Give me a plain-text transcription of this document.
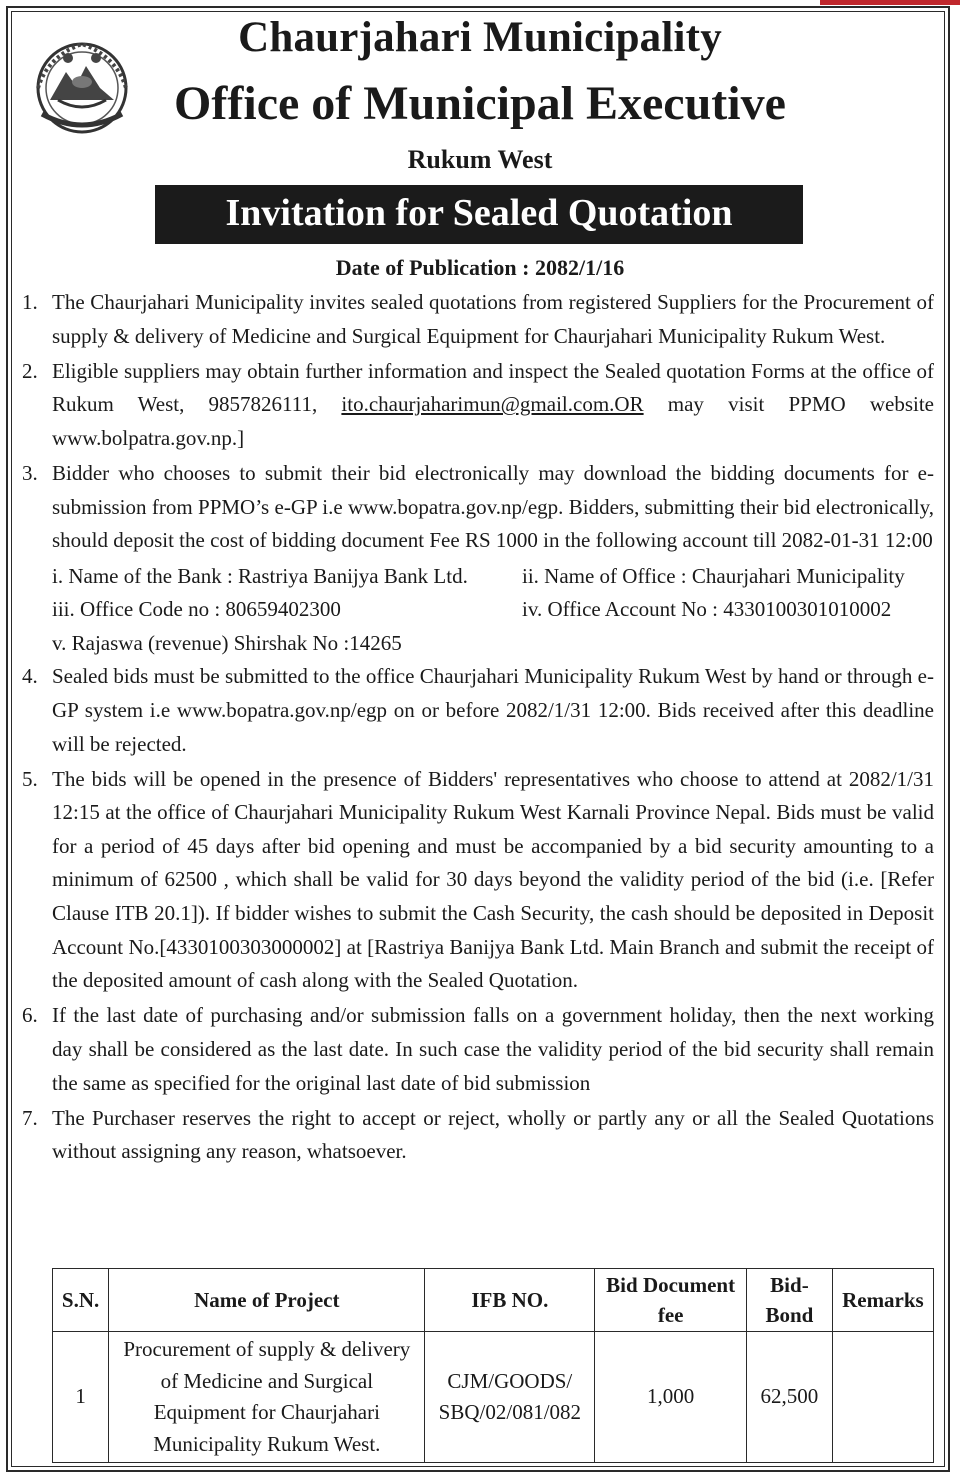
Chaurjahari Municipality
Office of Municipal Executive
Rukum West
Invitation for Sealed Quotation
Date of Publication : 2082/1/16
1. The Chaurjahari Municipality invites sealed quotations from registered Suppliers for the Procurement of supply & delivery of Medicine and Surgical Equipment for Chaurjahari Municipality Rukum West.
2. Eligible suppliers may obtain further information and inspect the Sealed quotation Forms at the office of Rukum West, 9857826111, ito.chaurjaharimun@gmail.com.OR may visit PPMO website www.bolpatra.gov.np.]
3. Bidder who chooses to submit their bid electronically may download the bidding documents for e-submission from PPMO’s e-GP i.e www.bopatra.gov.np/egp. Bidders, submitting their bid electronically, should deposit the cost of bidding document Fee RS 1000 in the following account till 2082-01-31 12:00
i. Name of the Bank : Rastriya Banijya Bank Ltd.	ii. Name of Office : Chaurjahari Municipality
iii. Office Code no : 80659402300	iv. Office Account No : 4330100301010002
v. Rajaswa (revenue) Shirshak No :14265
4. Sealed bids must be submitted to the office Chaurjahari Municipality Rukum West by hand or through e-GP system i.e www.bopatra.gov.np/egp on or before 2082/1/31 12:00. Bids received after this deadline will be rejected.
5. The bids will be opened in the presence of Bidders' representatives who choose to attend at 2082/1/31 12:15 at the office of Chaurjahari Municipality Rukum West Karnali Province Nepal. Bids must be valid for a period of 45 days after bid opening and must be accompanied by a bid security amounting to a minimum of 62500 , which shall be valid for 30 days beyond the validity period of the bid (i.e. [Refer Clause ITB 20.1]). If bidder wishes to submit the Cash Security, the cash should be deposited in Deposit Account No.[4330100303000002] at [Rastriya Banijya Bank Ltd. Main Branch and submit the receipt of the deposited amount of cash along with the Sealed Quotation.
6. If the last date of purchasing and/or submission falls on a government holiday, then the next working day shall be considered as the last date. In such case the validity period of the bid security shall remain the same as specified for the original last date of bid submission
7. The Purchaser reserves the right to accept or reject, wholly or partly any or all the Sealed Quotations without assigning any reason, whatsoever.
S.N.	Name of Project	IFB NO.	Bid Document fee	Bid-Bond	Remarks
1	Procurement of supply & delivery of Medicine and Surgical Equipment for Chaurjahari Municipality Rukum West.	CJM/GOODS/ SBQ/02/081/082	1,000	62,500	
